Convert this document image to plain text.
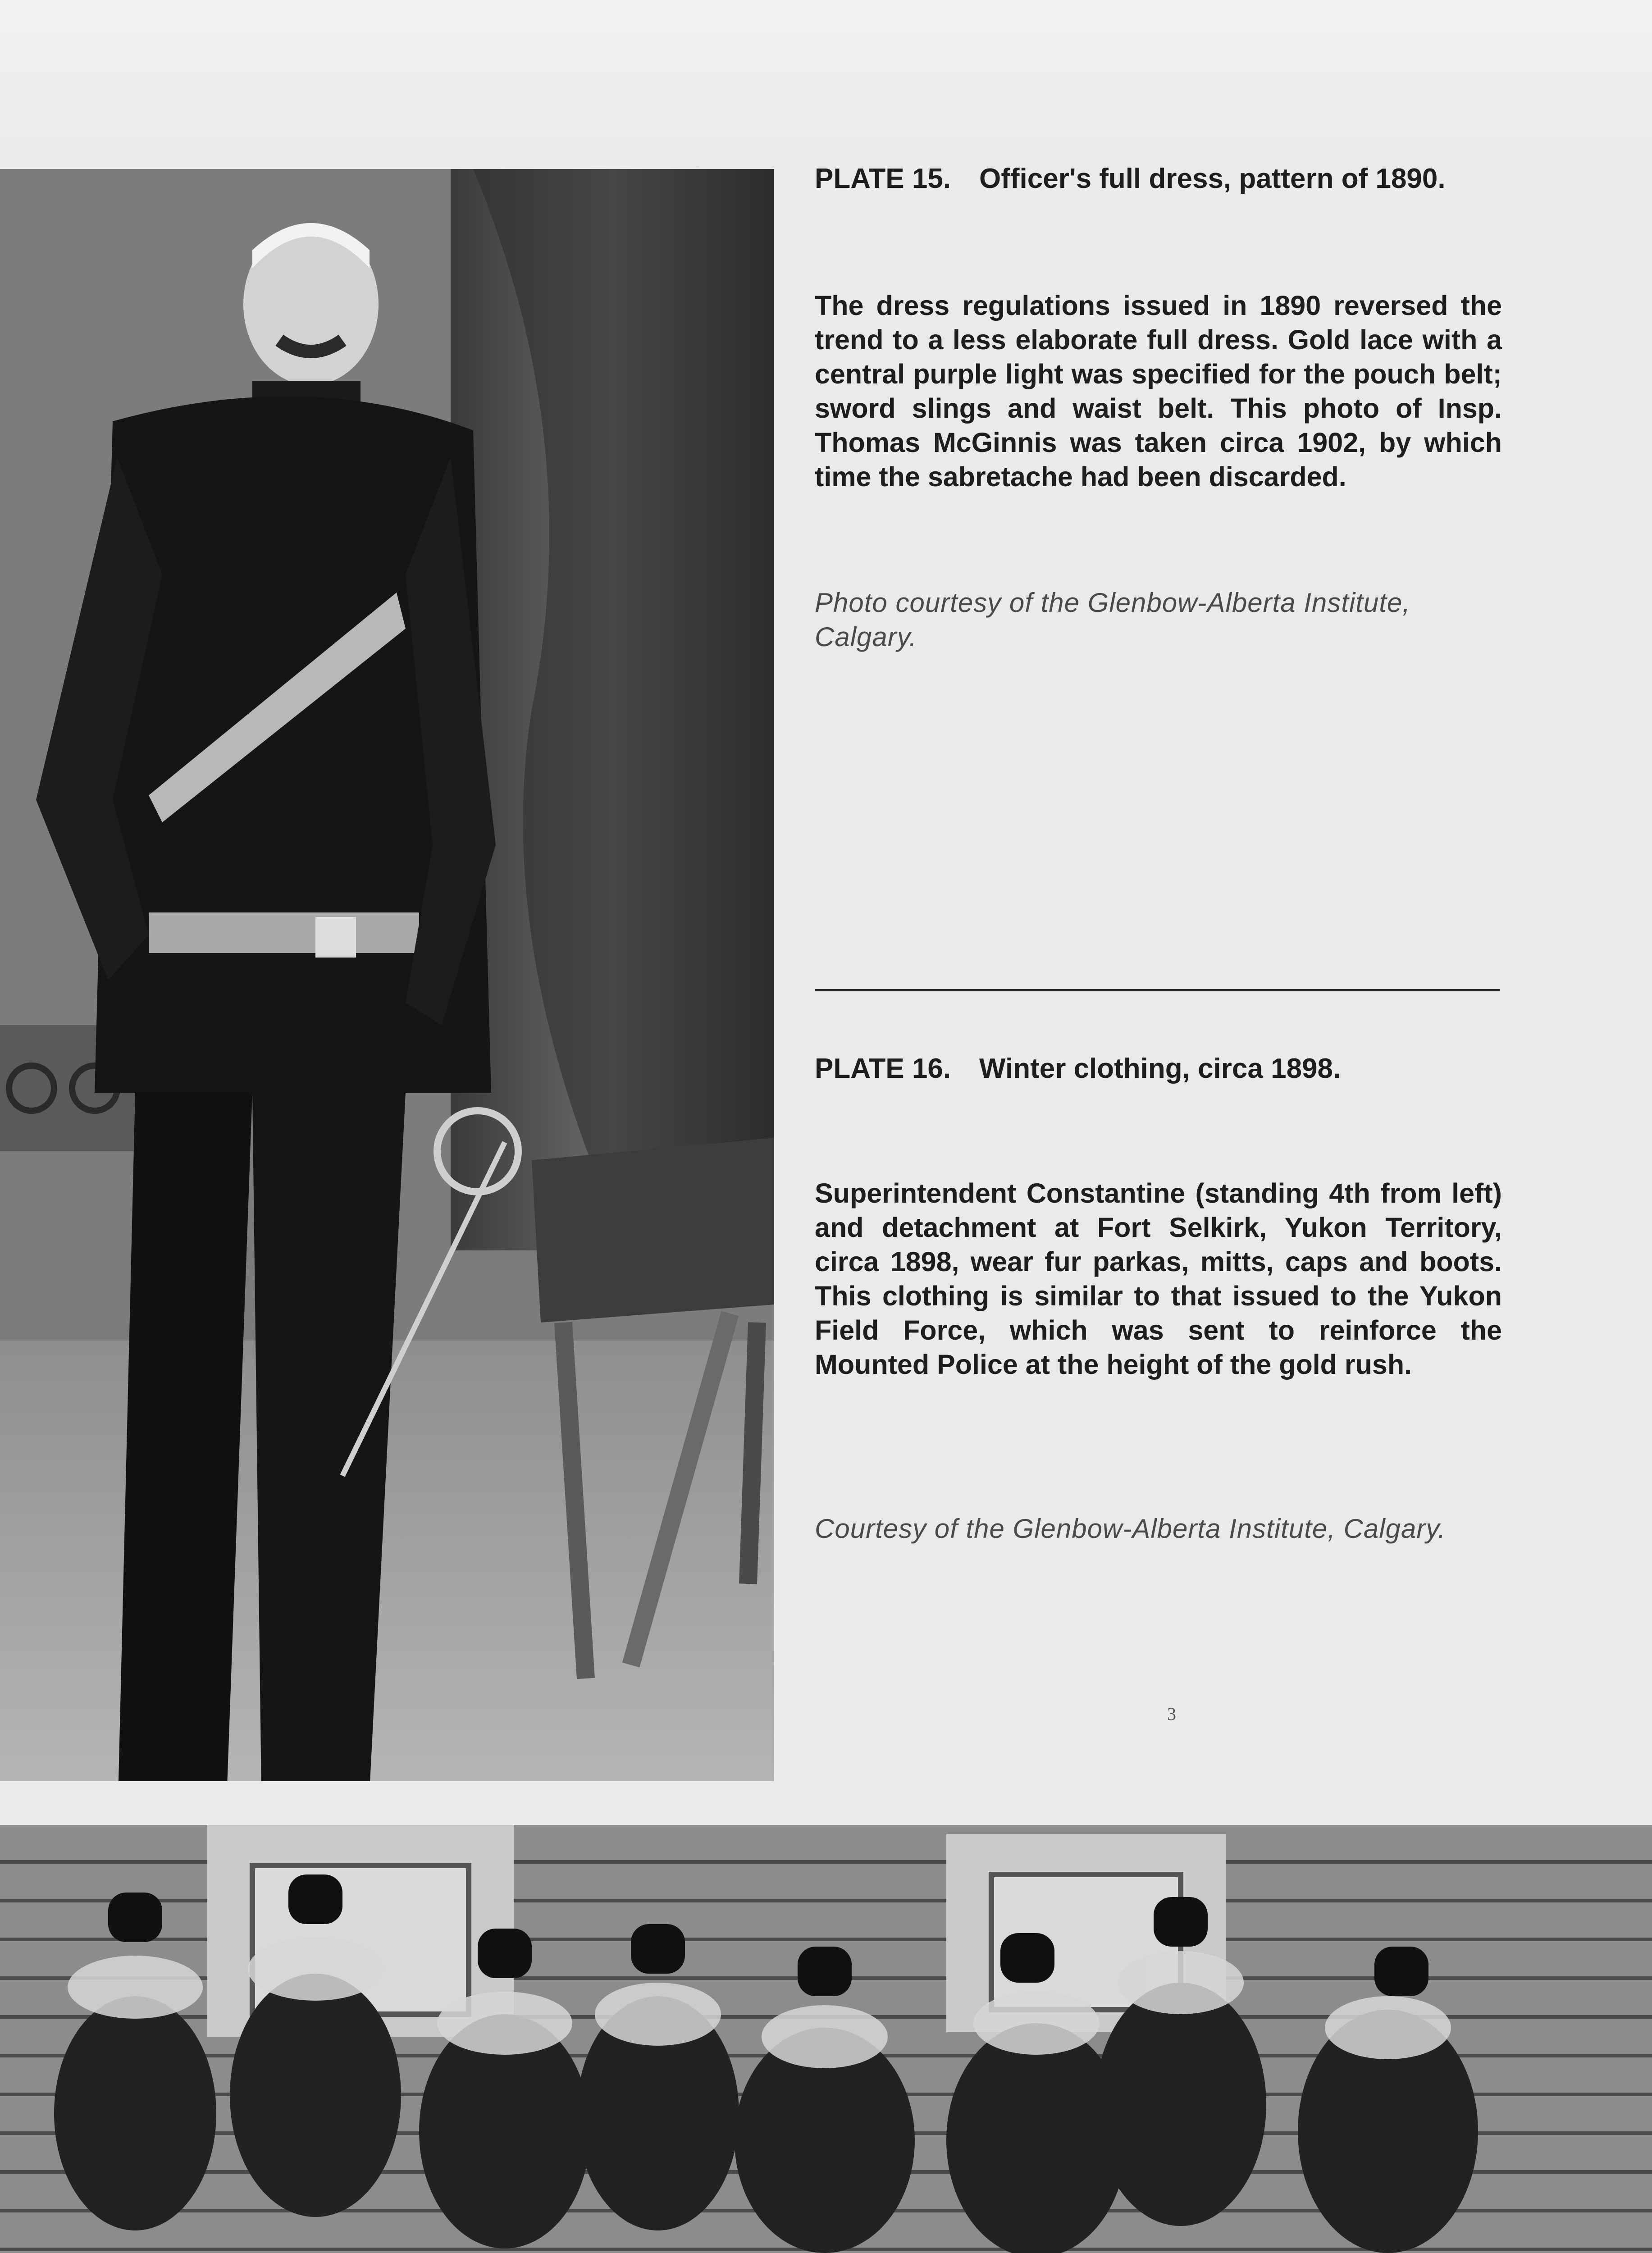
PLATE 15. Officer's full dress, pattern of 1890.
The dress regulations issued in 1890 reversed the trend to a less elaborate full dress. Gold lace with a central purple light was specified for the pouch belt; sword slings and waist belt. This photo of Insp. Thomas McGinnis was taken circa 1902, by which time the sabretache had been discarded.
Photo courtesy of the Glenbow-Alberta Institute, Calgary.
PLATE 16. Winter clothing, circa 1898.
Superintendent Constantine (standing 4th from left) and detachment at Fort Selkirk, Yukon Territory, circa 1898, wear fur parkas, mitts, caps and boots. This clothing is similar to that issued to the Yukon Field Force, which was sent to reinforce the Mounted Police at the height of the gold rush.
Courtesy of the Glenbow-Alberta Institute, Calgary.
3
